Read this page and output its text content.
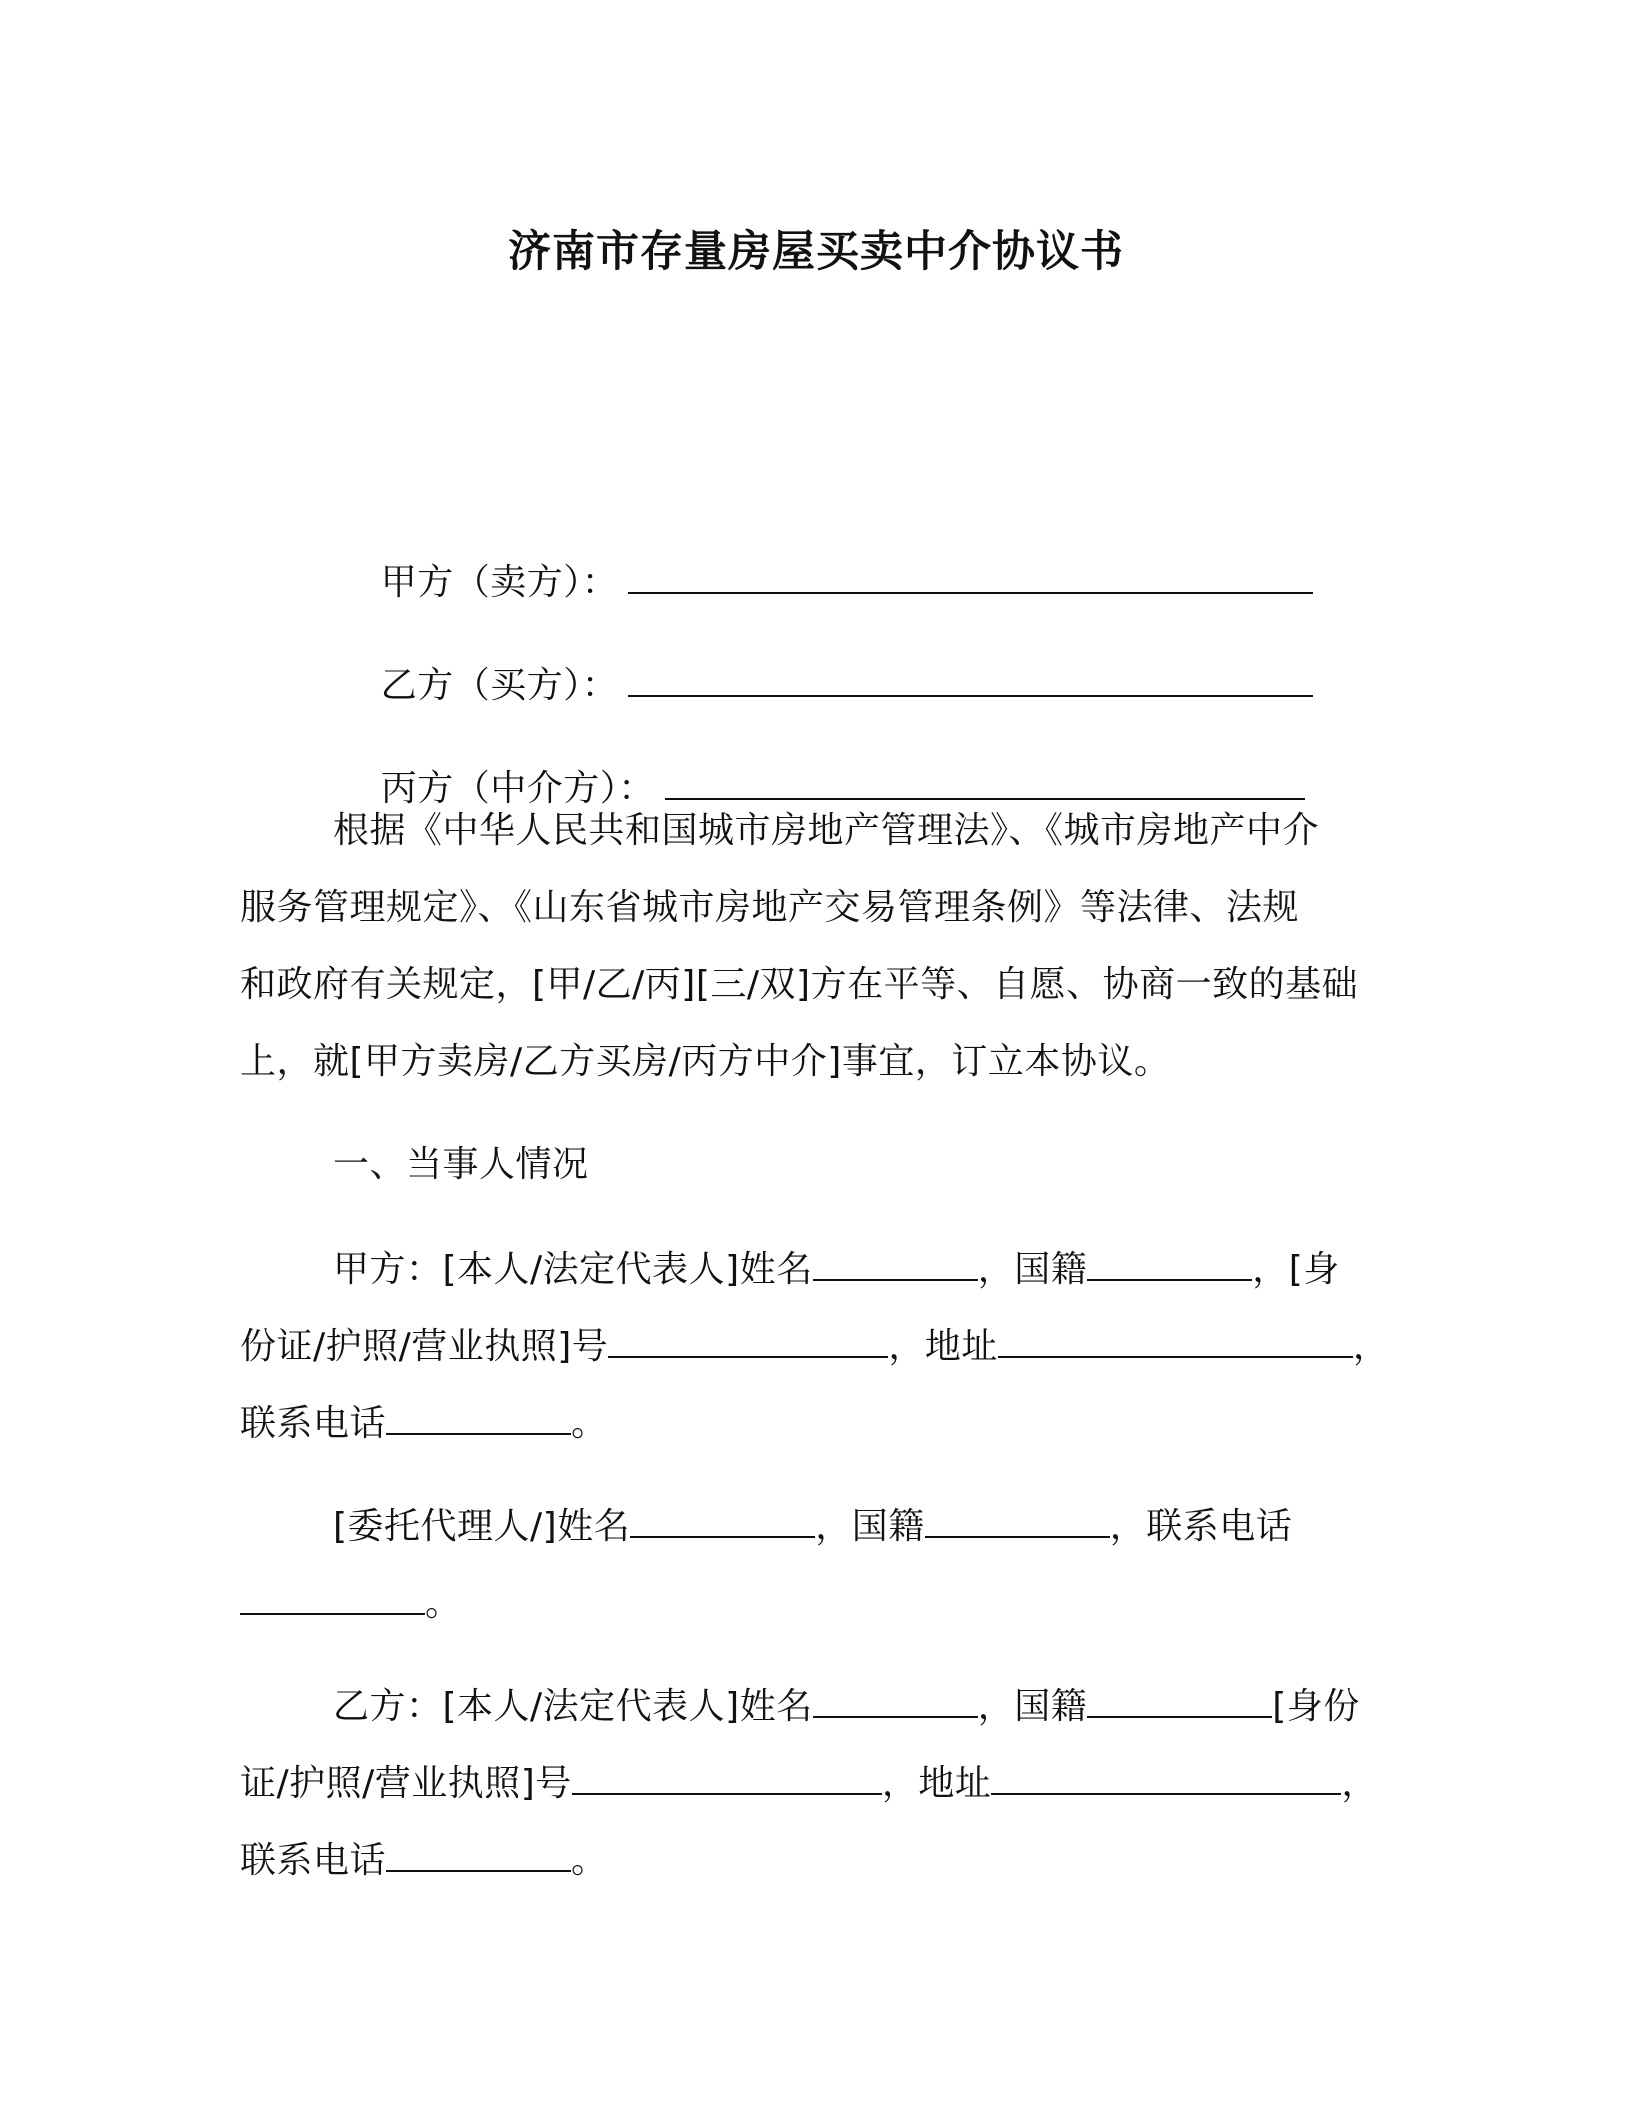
济南市存量房屋买卖中介协议书

甲方（卖方）：

乙方（买方）：

丙方（中介方）：

根据《中华人民共和国城市房地产管理法》、《城市房地产中介
服务管理规定》、《山东省城市房地产交易管理条例》等法律、法规
和政府有关规定，[甲/乙/丙][三/双]方在平等、自愿、协商一致的基础
上，就[甲方卖房/乙方买房/丙方中介]事宜，订立本协议。
一、当事人情况
甲方：[本人/法定代表人]姓名	，国籍	，[身
份证/护照/营业执照]号	，地址	，
联系电话	。
[委托代理人/]姓名	，国籍	，联系电话
。
乙方：[本人/法定代表人]姓名	，国籍	[身份
证/护照/营业执照]号	，地址	，
联系电话	。
